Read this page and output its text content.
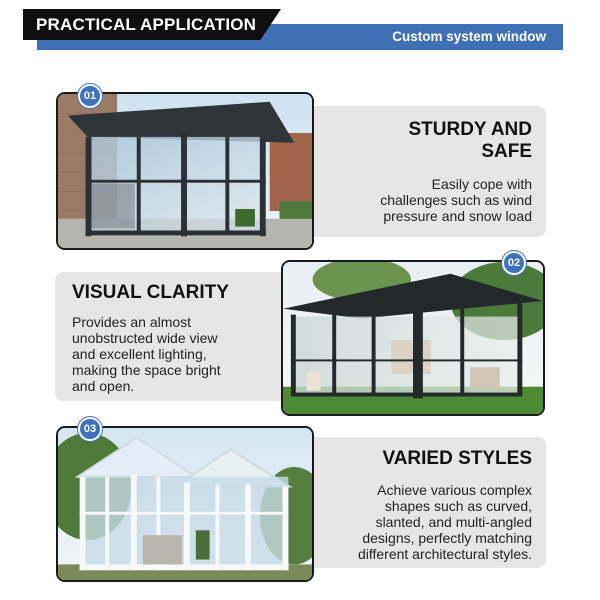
PRACTICAL APPLICATION
Custom system window
STURDY AND
SAFE
Easily cope with
challenges such as wind
pressure and snow load
VISUAL CLARITY
Provides an almost
unobstructed wide view
and excellent lighting,
making the space bright
and open.
VARIED STYLES
Achieve various complex
shapes such as curved,
slanted, and multi-angled
designs, perfectly matching
different architectural styles.
01
02
03
